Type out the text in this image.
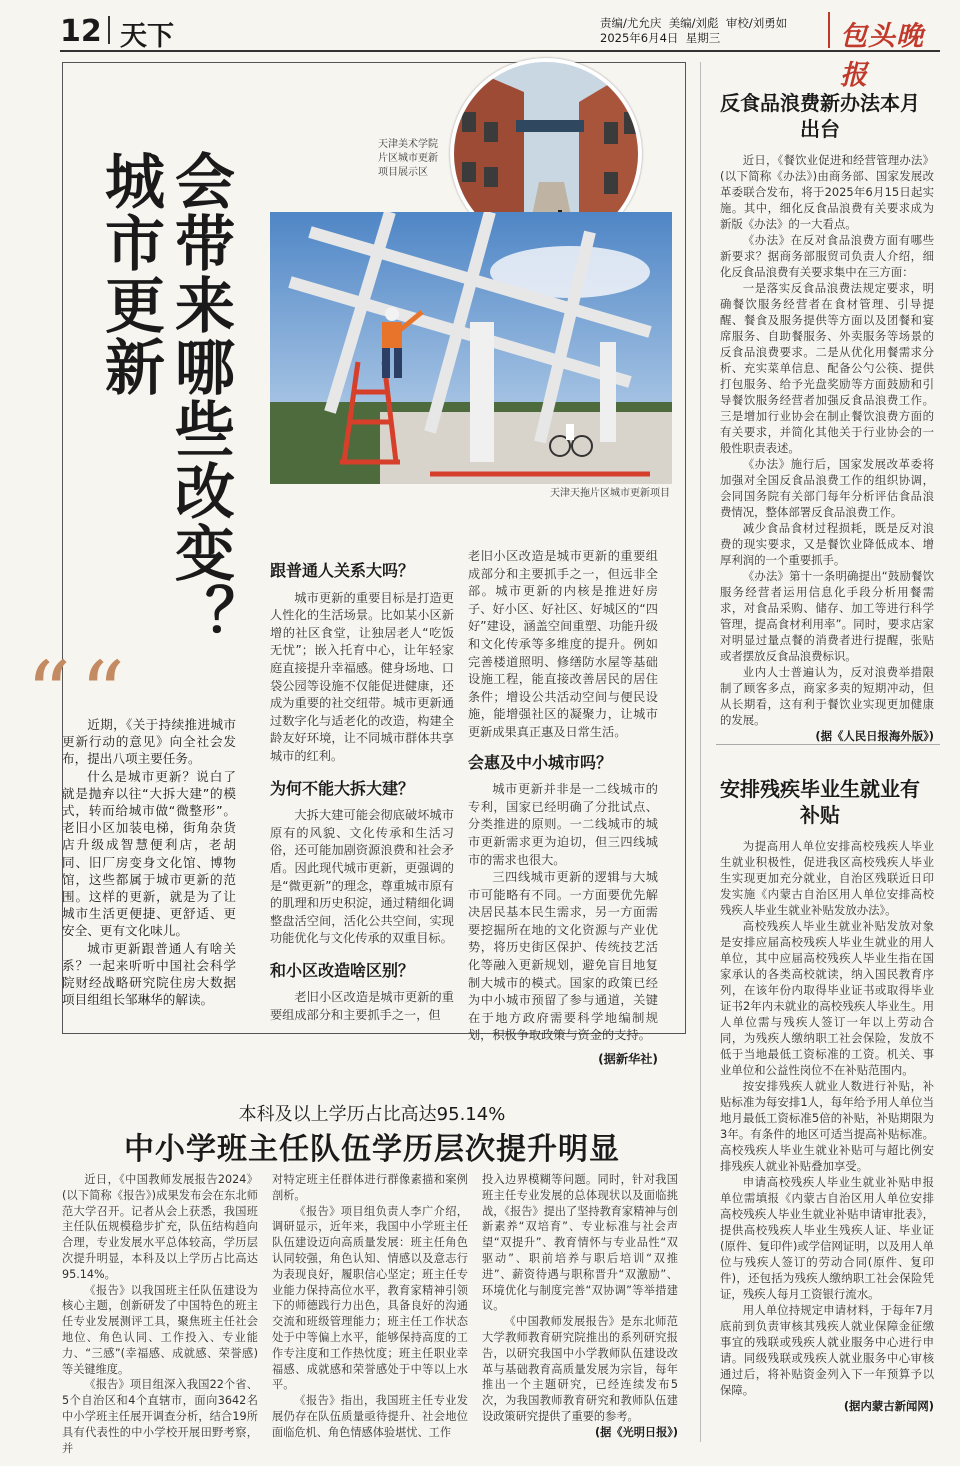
12 天下	责编/尤允庆 美编/刘彪 审校/刘勇如
2025年6月4日 星期三	包头晚报
城市更新 会带来哪些改变？
天津美术学院片区城市更新项目展示区
天津天拖片区城市更新项目
“ “

近期，《关于持续推进城市更新行动的意见》向全社会发布，提出八项主要任务。

什么是城市更新？说白了就是抛弃以往“大拆大建”的模式，转而给城市做“微整形”。老旧小区加装电梯，街角杂货店升级成智慧便利店，老胡同、旧厂房变身文化馆、博物馆，这些都属于城市更新的范围。这样的更新，就是为了让城市生活更便捷、更舒适、更安全、更有文化味儿。

城市更新跟普通人有啥关系？一起来听听中国社会科学院财经战略研究院住房大数据项目组组长邹琳华的解读。

跟普通人关系大吗？

城市更新的重要目标是打造更人性化的生活场景。比如某小区新增的社区食堂，让独居老人“吃饭无忧”；嵌入托育中心，让年轻家庭直接提升幸福感。健身场地、口袋公园等设施不仅能促进健康，还成为重要的社交纽带。城市更新通过数字化与适老化的改造，构建全龄友好环境，让不同城市群体共享城市的红利。

为何不能大拆大建？

大拆大建可能会彻底破坏城市原有的风貌、文化传承和生活习俗，还可能加剧资源浪费和社会矛盾。因此现代城市更新，更强调的是“微更新”的理念，尊重城市原有的肌理和历史积淀，通过精细化调整盘活空间，活化公共空间，实现功能优化与文化传承的双重目标。

和小区改造啥区别？

老旧小区改造是城市更新的重要组成部分和主要抓手之一，但

老旧小区改造是城市更新的重要组成部分和主要抓手之一，但远非全部。城市更新的内核是推进好房子、好小区、好社区、好城区的“四好”建设，涵盖空间重塑、功能升级和文化传承等多维度的提升。例如完善楼道照明、修缮防水屋等基础设施工程，能直接改善居民的居住条件；增设公共活动空间与便民设施，能增强社区的凝聚力，让城市更新成果真正惠及日常生活。

会惠及中小城市吗？

城市更新并非是一二线城市的专利，国家已经明确了分批试点、分类推进的原则。一二线城市的城市更新需求更为迫切，但三四线城市的需求也很大。

三四线城市更新的逻辑与大城市可能略有不同。一方面要优先解决居民基本民生需求，另一方面需要挖掘所在地的文化资源与产业优势，将历史街区保护、传统技艺活化等融入更新规划，避免盲目地复制大城市的模式。国家的政策已经为中小城市预留了参与通道，关键在于地方政府需要科学地编制规划，积极争取政策与资金的支持。

(据新华社)

反食品浪费新办法本月出台

近日，《餐饮业促进和经营管理办法》(以下简称《办法》)由商务部、国家发展改革委联合发布，将于2025年6月15日起实施。其中，细化反食品浪费有关要求成为新版《办法》的一大看点。

《办法》在反对食品浪费方面有哪些新要求？据商务部服贸司负责人介绍，细化反食品浪费有关要求集中在三方面：

一是落实反食品浪费法规定要求，明确餐饮服务经营者在食材管理、引导提醒、餐食及服务提供等方面以及团餐和宴席服务、自助餐服务、外卖服务等场景的反食品浪费要求。二是从优化用餐需求分析、充实菜单信息、配备公勺公筷、提供打包服务、给予光盘奖励等方面鼓励和引导餐饮服务经营者加强反食品浪费工作。三是增加行业协会在制止餐饮浪费方面的有关要求，并简化其他关于行业协会的一般性职责表述。

《办法》施行后，国家发展改革委将加强对全国反食品浪费工作的组织协调，会同国务院有关部门每年分析评估食品浪费情况，整体部署反食品浪费工作。

减少食品食材过程损耗，既是反对浪费的现实要求，又是餐饮业降低成本、增厚利润的一个重要抓手。

《办法》第十一条明确提出“鼓励餐饮服务经营者运用信息化手段分析用餐需求，对食品采购、储存、加工等进行科学管理，提高食材利用率”。同时，要求店家对明显过量点餐的消费者进行提醒，张贴或者摆放反食品浪费标识。

业内人士普遍认为，反对浪费举措限制了顾客多点，商家多卖的短期冲动，但从长期看，这有利于餐饮业实现更加健康的发展。

(据《人民日报海外版》)

安排残疾毕业生就业有补贴

为提高用人单位安排高校残疾人毕业生就业积极性，促进我区高校残疾人毕业生实现更加充分就业，自治区残联近日印发实施《内蒙古自治区用人单位安排高校残疾人毕业生就业补贴发放办法》。

高校残疾人毕业生就业补贴发放对象是安排应届高校残疾人毕业生就业的用人单位，其中应届高校残疾人毕业生指在国家承认的各类高校就读，纳入国民教育序列，在该年份内取得毕业证书或取得毕业证书2年内未就业的高校残疾人毕业生。用人单位需与残疾人签订一年以上劳动合同，为残疾人缴纳职工社会保险，发放不低于当地最低工资标准的工资。机关、事业单位和公益性岗位不在补贴范围内。

按安排残疾人就业人数进行补贴，补贴标准为每安排1人，每年给予用人单位当地月最低工资标准5倍的补贴，补贴期限为3年。有条件的地区可适当提高补贴标准。高校残疾人毕业生就业补贴可与超比例安排残疾人就业补贴叠加享受。

申请高校残疾人毕业生就业补贴申报单位需填报《内蒙古自治区用人单位安排高校残疾人毕业生就业补贴申请审批表》，提供高校残疾人毕业生残疾人证、毕业证(原件、复印件)或学信网证明，以及用人单位与残疾人签订的劳动合同(原件、复印件)，还包括为残疾人缴纳职工社会保险凭证，残疾人每月工资银行流水。

用人单位持规定申请材料，于每年7月底前到负责审核其残疾人就业保障金征缴事宜的残联或残疾人就业服务中心进行申请。同级残联或残疾人就业服务中心审核通过后，将补贴资金列入下一年预算予以保障。

(据内蒙古新闻网)

本科及以上学历占比高达95.14%
中小学班主任队伍学历层次提升明显

近日，《中国教师发展报告2024》(以下简称《报告》)成果发布会在东北师范大学召开。记者从会上获悉，我国班主任队伍规模稳步扩充，队伍结构趋向合理，专业发展水平总体较高，学历层次提升明显，本科及以上学历占比高达95.14%。

《报告》以我国班主任队伍建设为核心主题，创新研发了中国特色的班主任专业发展测评工具，聚焦班主任社会地位、角色认同、工作投入、专业能力、“三感”(幸福感、成就感、荣誉感)等关键维度。

《报告》项目组深入我国22个省、5个自治区和4个直辖市，面向3642名中小学班主任展开调查分析，结合19所具有代表性的中小学校开展田野考察，并

对特定班主任群体进行群像素描和案例剖析。

《报告》项目组负责人李广介绍，调研显示，近年来，我国中小学班主任队伍建设迈向高质量发展：班主任角色认同较强，角色认知、情感以及意志行为表现良好，履职信心坚定；班主任专业能力保持高位水平，教育家精神引领下的师德践行力出色，具备良好的沟通交流和班级管理能力；班主任工作状态处于中等偏上水平，能够保持高度的工作专注度和工作热忱度；班主任职业幸福感、成就感和荣誉感处于中等以上水平。

《报告》指出，我国班主任专业发展仍存在队伍质量亟待提升、社会地位面临危机、角色情感体验堪忧、工作

投入边界模糊等问题。同时，针对我国班主任专业发展的总体现状以及面临挑战，《报告》提出了坚持教育家精神与创新素养“双培育”、专业标准与社会声望“双提升”、教育情怀与专业品性“双驱动”、职前培养与职后培训“双推进”、薪资待遇与职称晋升“双激励”、环境优化与制度完善“双协调”等举措建议。

《中国教师发展报告》是东北师范大学教师教育研究院推出的系列研究报告，以研究我国中小学教师队伍建设改革与基础教育高质量发展为宗旨，每年推出一个主题研究，已经连续发布5次，为我国教师教育研究和教师队伍建设政策研究提供了重要的参考。

(据《光明日报》)
